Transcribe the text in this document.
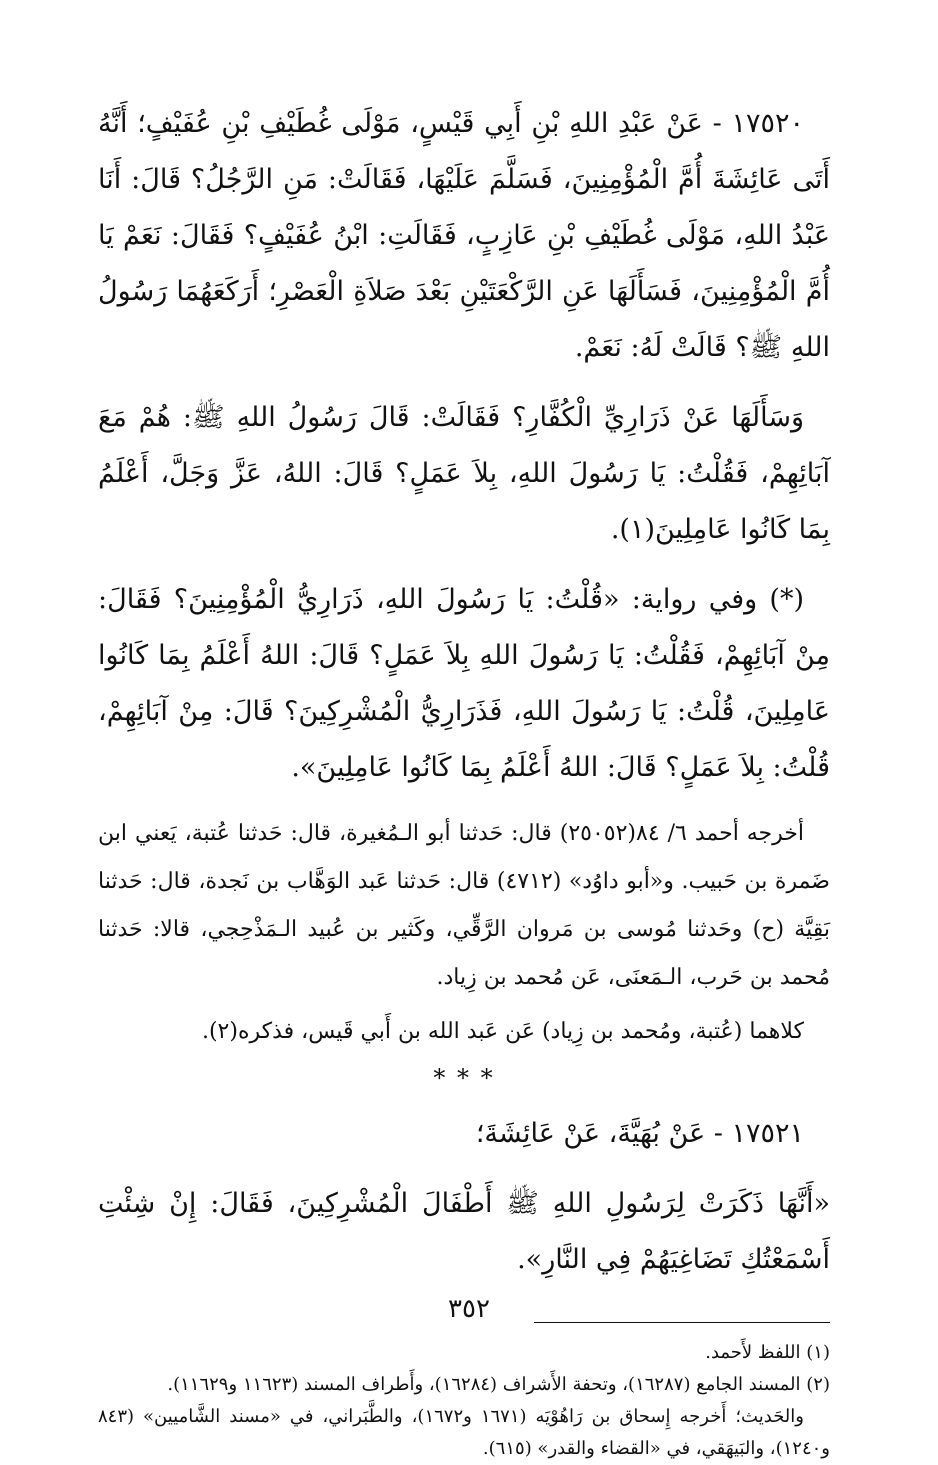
١٧٥٢٠ - عَنْ عَبْدِ اللهِ بْنِ أَبِي قَيْسٍ، مَوْلَى غُطَيْفِ بْنِ عُفَيْفٍ؛ أَنَّهُ أَتَى عَائِشَةَ أُمَّ الْمُؤْمِنِينَ، فَسَلَّمَ عَلَيْهَا، فَقَالَتْ: مَنِ الرَّجُلُ؟ قَالَ: أَنَا عَبْدُ اللهِ، مَوْلَى غُطَيْفِ بْنِ عَازِبٍ، فَقَالَتِ: ابْنُ عُفَيْفٍ؟ فَقَالَ: نَعَمْ يَا أُمَّ الْمُؤْمِنِينَ، فَسَأَلَهَا عَنِ الرَّكْعَتَيْنِ بَعْدَ صَلاَةِ الْعَصْرِ؛ أَرَكَعَهُمَا رَسُولُ اللهِ ﷺ؟ قَالَتْ لَهُ: نَعَمْ.

وَسَأَلَهَا عَنْ ذَرَارِيِّ الْكُفَّارِ؟ فَقَالَتْ: قَالَ رَسُولُ اللهِ ﷺ: هُمْ مَعَ آبَائِهِمْ، فَقُلْتُ: يَا رَسُولَ اللهِ، بِلاَ عَمَلٍ؟ قَالَ: اللهُ، عَزَّ وَجَلَّ، أَعْلَمُ بِمَا كَانُوا عَامِلِينَ(١).

(*) وفي رواية: «قُلْتُ: يَا رَسُولَ اللهِ، ذَرَارِيُّ الْمُؤْمِنِينَ؟ فَقَالَ: مِنْ آبَائِهِمْ، فَقُلْتُ: يَا رَسُولَ اللهِ بِلاَ عَمَلٍ؟ قَالَ: اللهُ أَعْلَمُ بِمَا كَانُوا عَامِلِينَ، قُلْتُ: يَا رَسُولَ اللهِ، فَذَرَارِيُّ الْمُشْرِكِينَ؟ قَالَ: مِنْ آبَائِهِمْ، قُلْتُ: بِلاَ عَمَلٍ؟ قَالَ: اللهُ أَعْلَمُ بِمَا كَانُوا عَامِلِينَ».

أخرجه أحمد ٦/ ٨٤(٢٥٠٥٢) قال: حَدثنا أبو الـمُغيرة، قال: حَدثنا عُتبة، يَعني ابن ضَمرة بن حَبيب. و«أبو داوُد» (٤٧١٢) قال: حَدثنا عَبد الوَهَّاب بن نَجدة، قال: حَدثنا بَقِيَّة (ح) وحَدثنا مُوسى بن مَروان الرَّقِّي، وكَثير بن عُبيد الـمَذْحِجي، قالا: حَدثنا مُحمد بن حَرب، الـمَعنَى، عَن مُحمد بن زِياد.

كلاهما (عُتبة، ومُحمد بن زِياد) عَن عَبد الله بن أَبي قَيس، فذكره(٢).

* * *

١٧٥٢١ - عَنْ بُهَيَّةَ، عَنْ عَائِشَةَ؛

«أَنَّهَا ذَكَرَتْ لِرَسُولِ اللهِ ﷺ أَطْفَالَ الْمُشْرِكِينَ، فَقَالَ: إِنْ شِئْتِ أَسْمَعْتُكِ تَضَاغِيَهُمْ فِي النَّارِ».

(١) اللفظ لأَحمد.

(٢) المسند الجامع (١٦٢٨٧)، وتحفة الأَشراف (١٦٢٨٤)، وأَطراف المسند (١١٦٢٣ و١١٦٢٩).

والحَديث؛ أَخرجه إِسحاق بن رَاهُوْيَه (١٦٧١ و١٦٧٢)، والطَّبَراني، في «مسند الشَّاميين» (٨٤٣ و١٢٤٠)، والبَيهَقي، في «القضاء والقدر» (٦١٥).

٣٥٢
